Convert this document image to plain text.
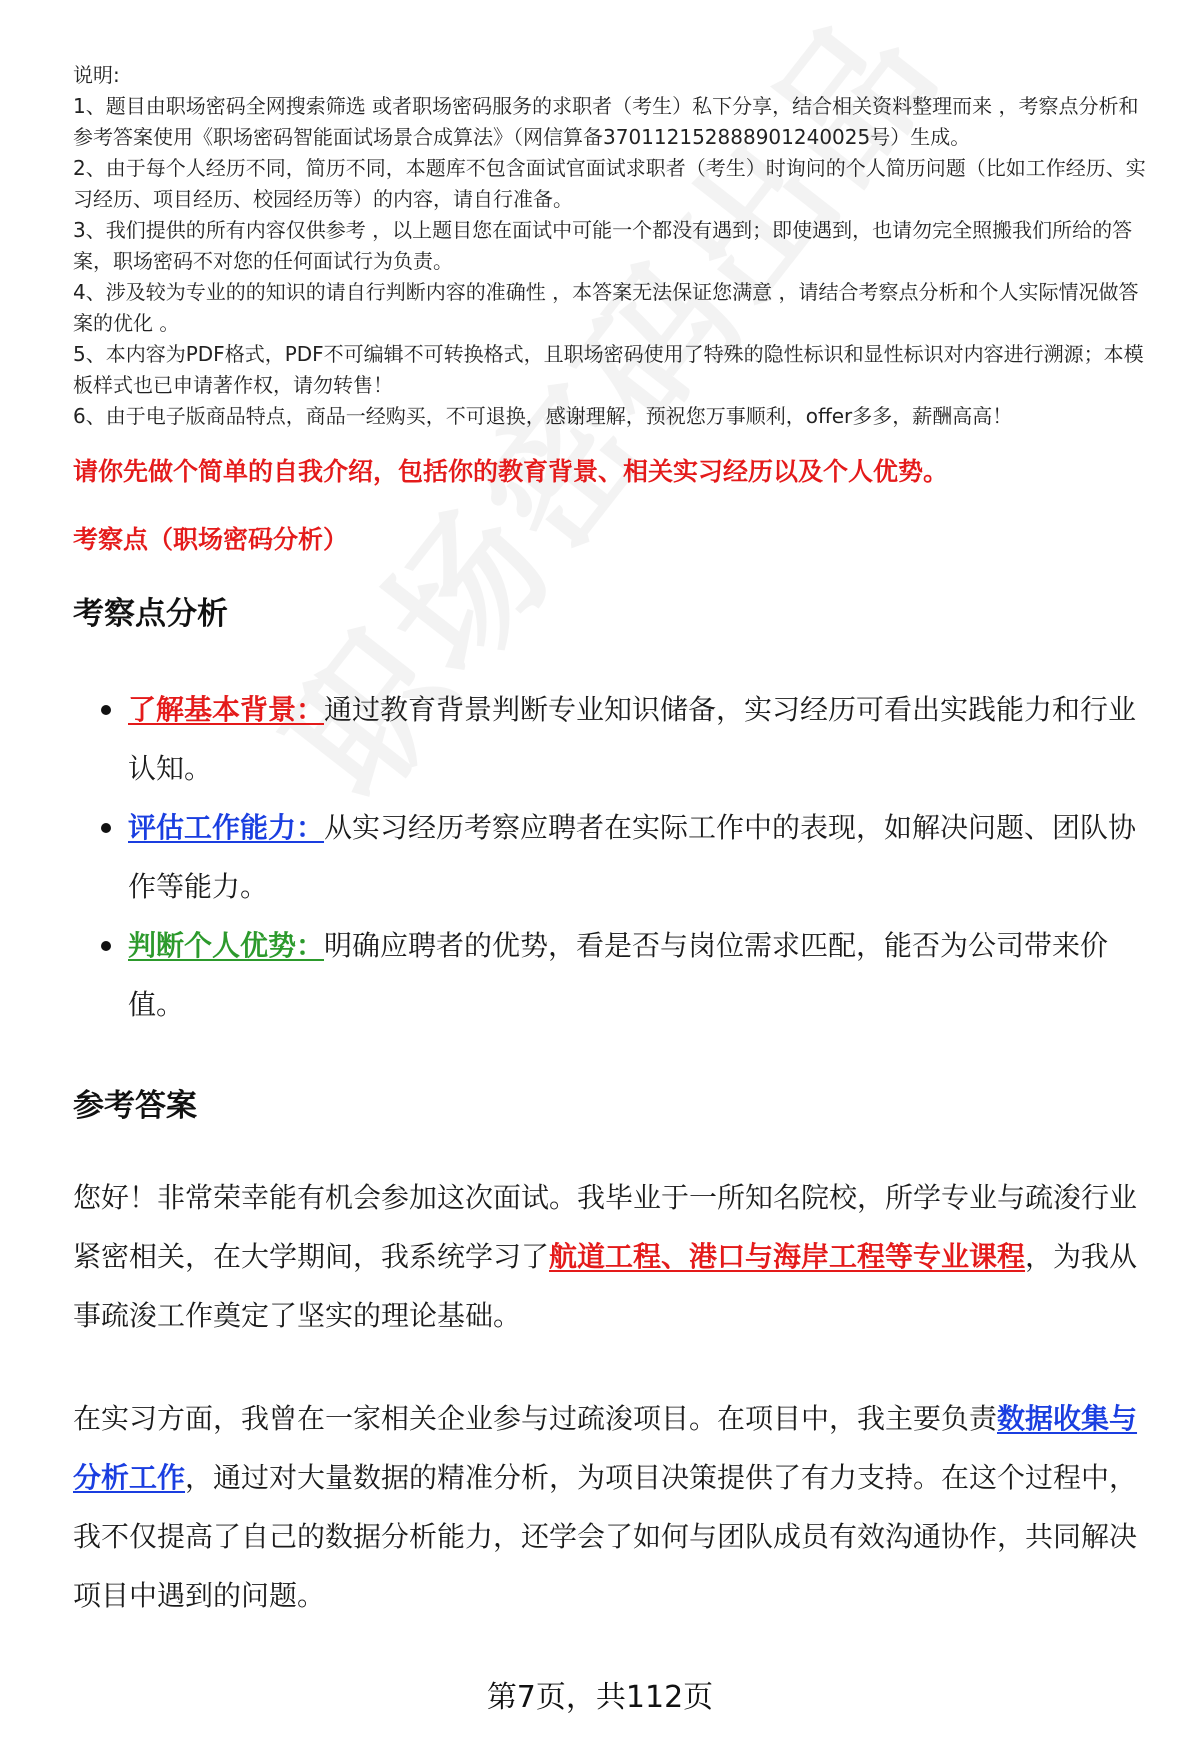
说明:

1、题目由职场密码全网搜索筛选 或者职场密码服务的求职者（考生）私下分享，结合相关资料整理而来 ，考察点分析和参考答案使用《职场密码智能面试场景合成算法》（网信算备370112152888901240025号）生成。

2、由于每个人经历不同，简历不同，本题库不包含面试官面试求职者（考生）时询问的个人简历问题（比如工作经历、实习经历、项目经历、校园经历等）的内容，请自行准备。

3、我们提供的所有内容仅供参考 ，以上题目您在面试中可能一个都没有遇到；即使遇到，也请勿完全照搬我们所给的答案，职场密码不对您的任何面试行为负责。

4、涉及较为专业的的知识的请自行判断内容的准确性 ，本答案无法保证您满意 ，请结合考察点分析和个人实际情况做答案的优化 。

5、本内容为PDF格式，PDF不可编辑不可转换格式，且职场密码使用了特殊的隐性标识和显性标识对内容进行溯源；本模板样式也已申请著作权，请勿转售！

6、由于电子版商品特点，商品一经购买，不可退换，感谢理解，预祝您万事顺利，offer多多，薪酬高高！

请你先做个简单的自我介绍，包括你的教育背景、相关实习经历以及个人优势。
考察点（职场密码分析）
考察点分析
了解基本背景：通过教育背景判断专业知识储备，实习经历可看出实践能力和行业认知。
评估工作能力：从实习经历考察应聘者在实际工作中的表现，如解决问题、团队协作等能力。
判断个人优势：明确应聘者的优势，看是否与岗位需求匹配，能否为公司带来价值。
参考答案
您好！非常荣幸能有机会参加这次面试。我毕业于一所知名院校，所学专业与疏浚行业紧密相关，在大学期间，我系统学习了航道工程、港口与海岸工程等专业课程，为我从事疏浚工作奠定了坚实的理论基础。
在实习方面，我曾在一家相关企业参与过疏浚项目。在项目中，我主要负责数据收集与分析工作，通过对大量数据的精准分析，为项目决策提供了有力支持。在这个过程中，我不仅提高了自己的数据分析能力，还学会了如何与团队成员有效沟通协作，共同解决项目中遇到的问题。
第7页，共112页
